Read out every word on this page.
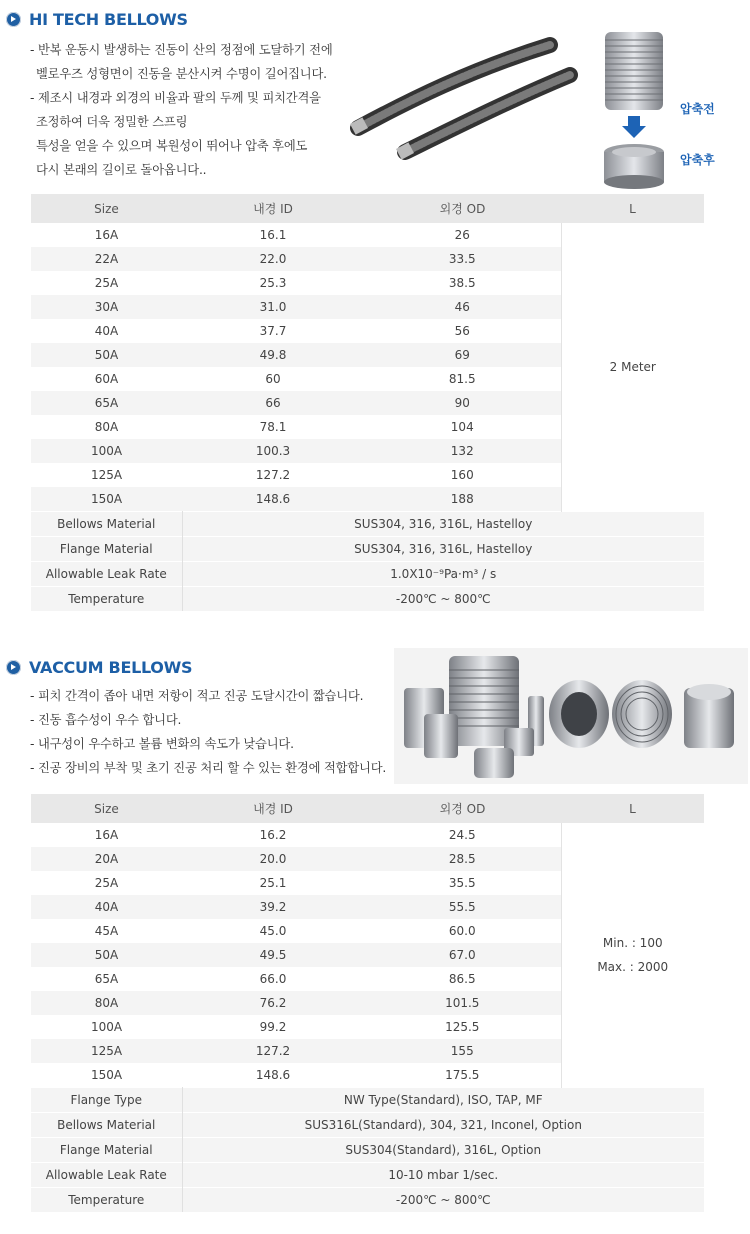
HI TECH BELLOWS
- 반복 운동시 발생하는 진동이 산의 정점에 도달하기 전에
벨로우즈 성형면이 진동을 분산시켜 수명이 길어집니다.
- 제조시 내경과 외경의 비율과 팔의 두께 및 피치간격을
조정하여 더욱 정밀한 스프링
특성을 얻을 수 있으며 복원성이 뛰어나 압축 후에도
다시 본래의 길이로 돌아옵니다..
압축전
압축후
Size	내경 ID	외경 OD	L
16A	16.1	26	2 Meter
22A	22.0	33.5	
25A	25.3	38.5	
30A	31.0	46	
40A	37.7	56	
50A	49.8	69	
60A	60	81.5	
65A	66	90	
80A	78.1	104	
100A	100.3	132	
125A	127.2	160	
150A	148.6	188	
Bellows Material	SUS304, 316, 316L, Hastelloy		
Flange Material	SUS304, 316, 316L, Hastelloy		
Allowable Leak Rate	1.0X10⁻⁹Pa·m³ / s		
Temperature	-200℃ ~ 800℃		
VACCUM BELLOWS
- 피치 간격이 좁아 내면 저항이 적고 진공 도달시간이 짧습니다.
- 진동 흡수성이 우수 합니다.
- 내구성이 우수하고 볼륨 변화의 속도가 낮습니다.
- 진공 장비의 부착 및 초기 진공 처리 할 수 있는 환경에 적합합니다.
Size	내경 ID	외경 OD	L
16A	16.2	24.5	Min. : 100
Max. : 2000

20A	20.0	28.5	
25A	25.1	35.5	
40A	39.2	55.5	
45A	45.0	60.0	
50A	49.5	67.0	
65A	66.0	86.5	
80A	76.2	101.5	
100A	99.2	125.5	
125A	127.2	155	
150A	148.6	175.5	
Flange Type	NW Type(Standard), ISO, TAP, MF		
Bellows Material	SUS316L(Standard), 304, 321, Inconel, Option		
Flange Material	SUS304(Standard), 316L, Option		
Allowable Leak Rate	10-10 mbar 1/sec.		
Temperature	-200℃ ~ 800℃		
